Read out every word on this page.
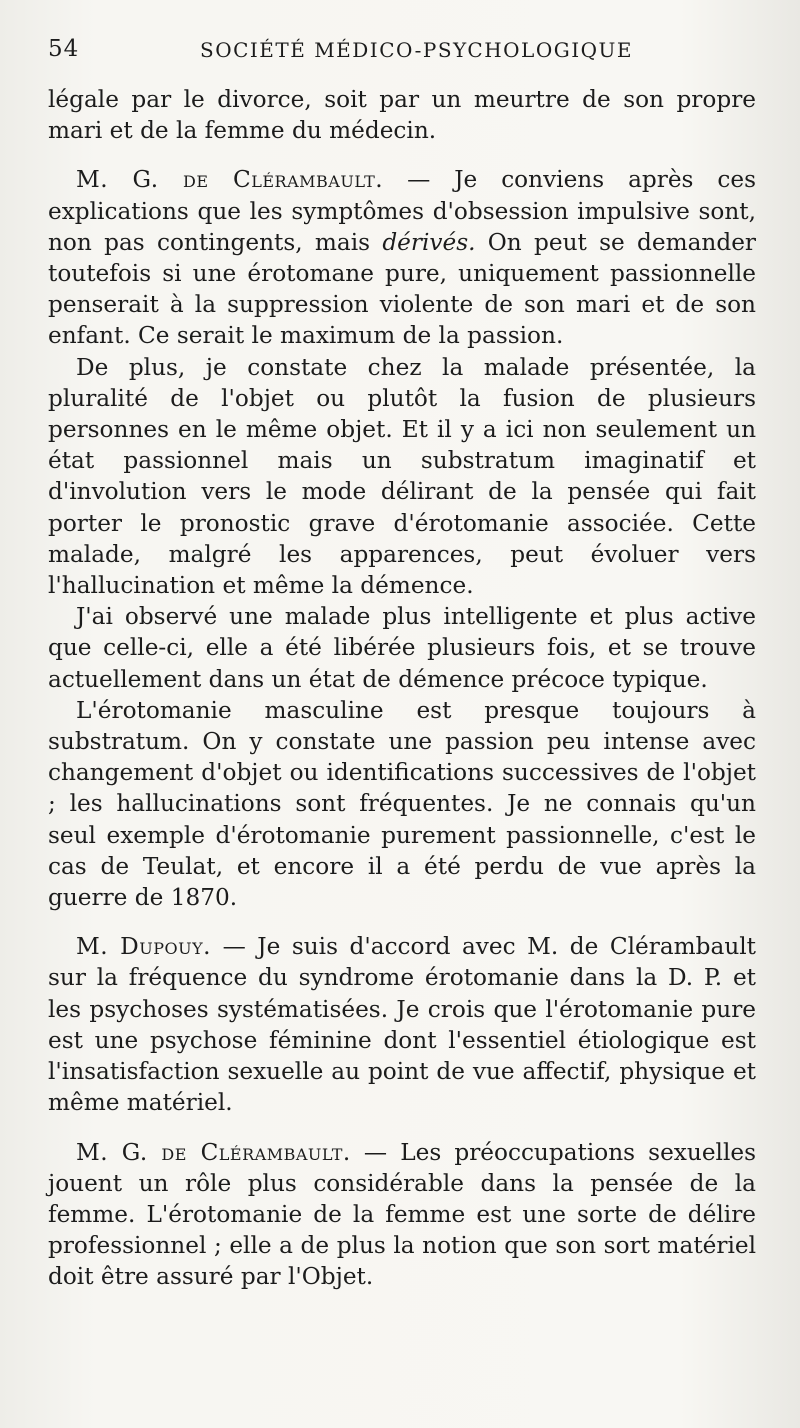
54	SOCIÉTÉ MÉDICO-PSYCHOLOGIQUE

légale par le divorce, soit par un meurtre de son propre mari et de la femme du médecin.

M. G. de Clérambault. — Je conviens après ces explications que les symptômes d'obsession impulsive sont, non pas contingents, mais dérivés. On peut se demander toutefois si une érotomane pure, uniquement passionnelle penserait à la suppression violente de son mari et de son enfant. Ce serait le maximum de la passion.

De plus, je constate chez la malade présentée, la pluralité de l'objet ou plutôt la fusion de plusieurs personnes en le même objet. Et il y a ici non seulement un état passionnel mais un substratum imaginatif et d'involution vers le mode délirant de la pensée qui fait porter le pronostic grave d'érotomanie associée. Cette malade, malgré les apparences, peut évoluer vers l'hallucination et même la démence.

J'ai observé une malade plus intelligente et plus active que celle-ci, elle a été libérée plusieurs fois, et se trouve actuellement dans un état de démence précoce typique.

L'érotomanie masculine est presque toujours à substratum. On y constate une passion peu intense avec changement d'objet ou identifications successives de l'objet ; les hallucinations sont fréquentes. Je ne connais qu'un seul exemple d'érotomanie purement passionnelle, c'est le cas de Teulat, et encore il a été perdu de vue après la guerre de 1870.

M. Dupouy. — Je suis d'accord avec M. de Clérambault sur la fréquence du syndrome érotomanie dans la D. P. et les psychoses systématisées. Je crois que l'érotomanie pure est une psychose féminine dont l'essentiel étiologique est l'insatisfaction sexuelle au point de vue affectif, physique et même matériel.

M. G. de Clérambault. — Les préoccupations sexuelles jouent un rôle plus considérable dans la pensée de la femme. L'érotomanie de la femme est une sorte de délire professionnel ; elle a de plus la notion que son sort matériel doit être assuré par l'Objet.
